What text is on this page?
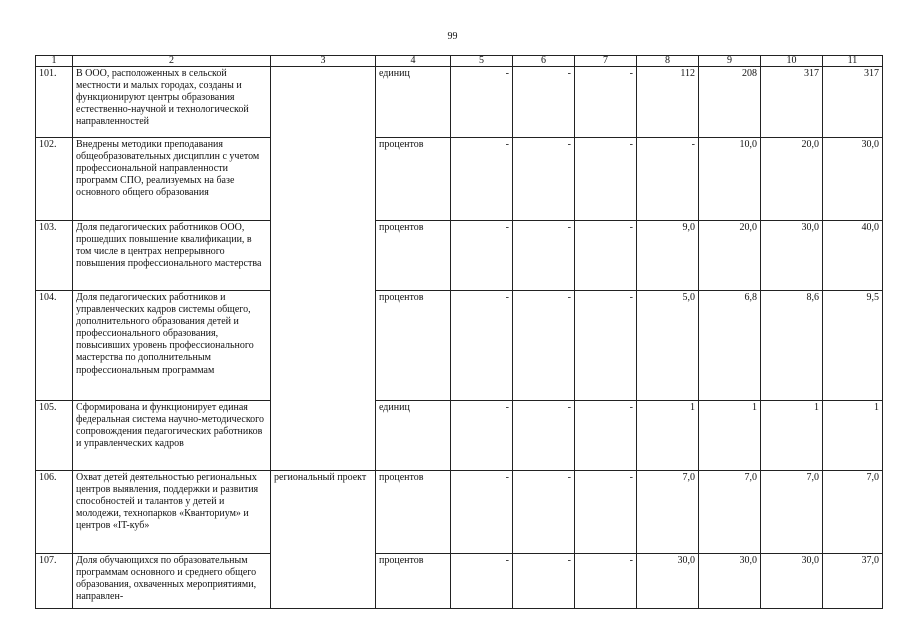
99
1	2	3	4	5	6	7	8	9	10	11
101.	В ООО, расположенных в сельской местности и малых городах, созданы и функционируют центры образования естественно-научной и технологической направленностей		единиц	-	-	-	112	208	317	317
102.	Внедрены методики преподавания общеобразовательных дисциплин с учетом профессиональной направленности программ СПО, реализуемых на базе основного общего образования		процентов	-	-	-	-	10,0	20,0	30,0
103.	Доля педагогических работников ООО, прошедших повышение квалификации, в том числе в центрах непрерывного повышения профессионального мастерства		процентов	-	-	-	9,0	20,0	30,0	40,0
104.	Доля педагогических работников и управленческих кадров системы общего, дополнительного образования детей и профессионального образования, повысивших уровень профессионального мастерства по дополнительным профессиональным программам		процентов	-	-	-	5,0	6,8	8,6	9,5
105.	Сформирована и функционирует единая федеральная система научно-методического сопровождения педагогических работников и управленческих кадров		единиц	-	-	-	1	1	1	1
106.	Охват детей деятельностью региональных центров выявления, поддержки и развития способностей и талантов у детей и молодежи, технопарков «Кванториум» и центров «IT-куб»	региональный проект	процентов	-	-	-	7,0	7,0	7,0	7,0
107.	Доля обучающихся по образовательным программам основного и среднего общего образования, охваченных мероприятиями, направлен-		процентов	-	-	-	30,0	30,0	30,0	37,0
